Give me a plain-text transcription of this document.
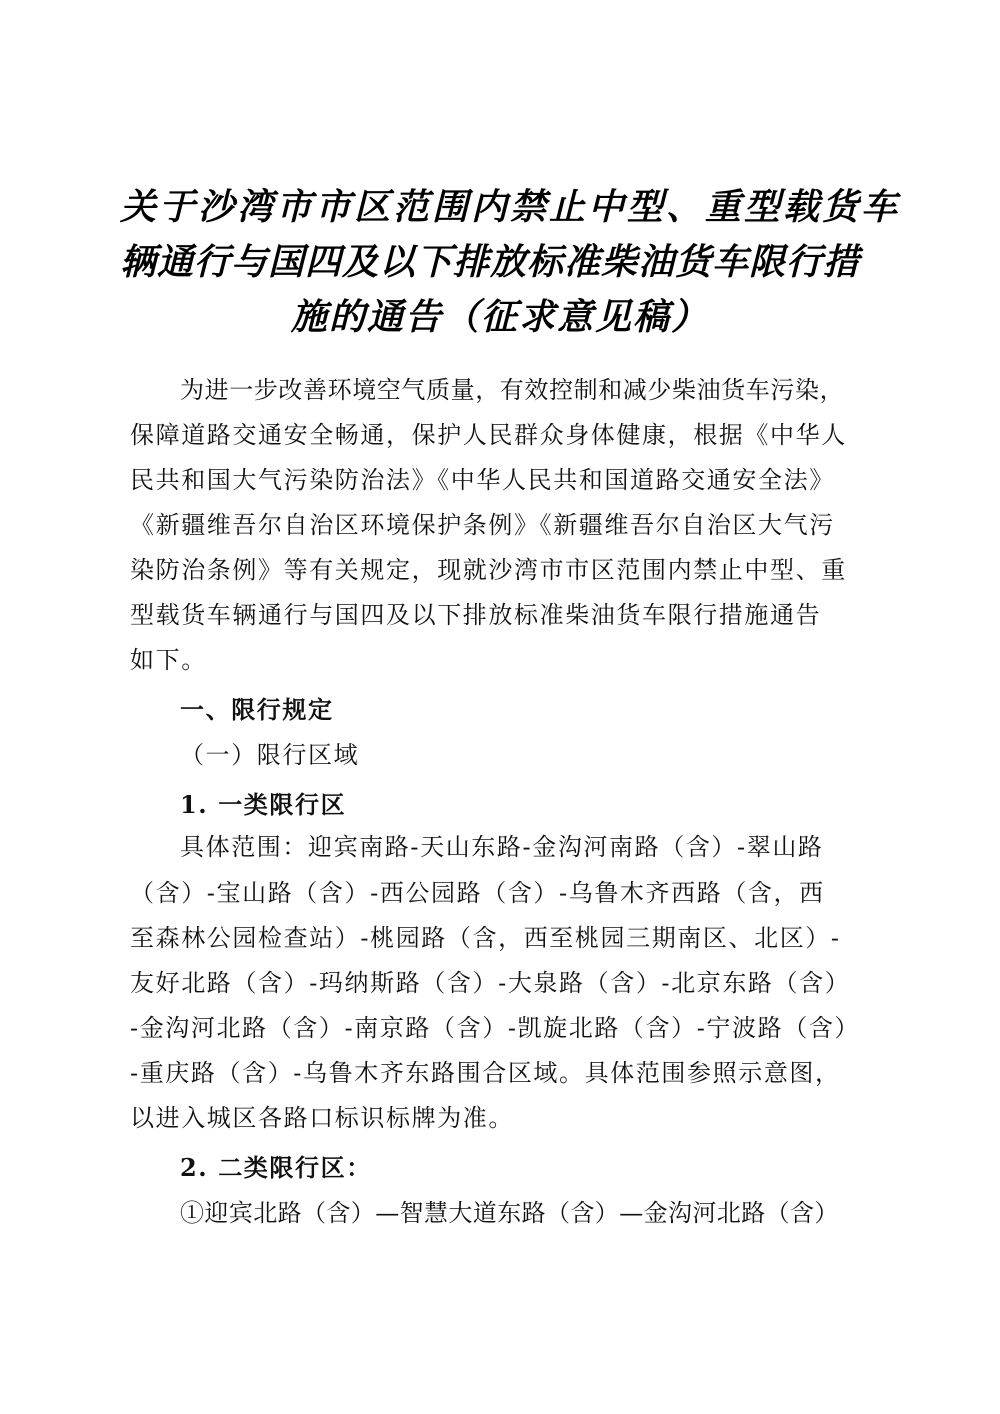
关于沙湾市市区范围内禁止中型、重型载货车
辆通行与国四及以下排放标准柴油货车限行措
施的通告（征求意见稿）
为进一步改善环境空气质量，有效控制和减少柴油货车污染，
保障道路交通安全畅通，保护人民群众身体健康，根据《中华人
民共和国大气污染防治法》《中华人民共和国道路交通安全法》
《新疆维吾尔自治区环境保护条例》《新疆维吾尔自治区大气污
染防治条例》等有关规定，现就沙湾市市区范围内禁止中型、重
型载货车辆通行与国四及以下排放标准柴油货车限行措施通告
如下。
一、限行规定
（一）限行区域
1. 一类限行区
具体范围：迎宾南路-天山东路-金沟河南路（含）-翠山路
（含）-宝山路（含）-西公园路（含）-乌鲁木齐西路（含，西
至森林公园检查站）-桃园路（含，西至桃园三期南区、北区）-
友好北路（含）-玛纳斯路（含）-大泉路（含）-北京东路（含）
-金沟河北路（含）-南京路（含）-凯旋北路（含）-宁波路（含）
-重庆路（含）-乌鲁木齐东路围合区域。具体范围参照示意图，
以进入城区各路口标识标牌为准。
2. 二类限行区：
①迎宾北路（含）—智慧大道东路（含）—金沟河北路（含）
